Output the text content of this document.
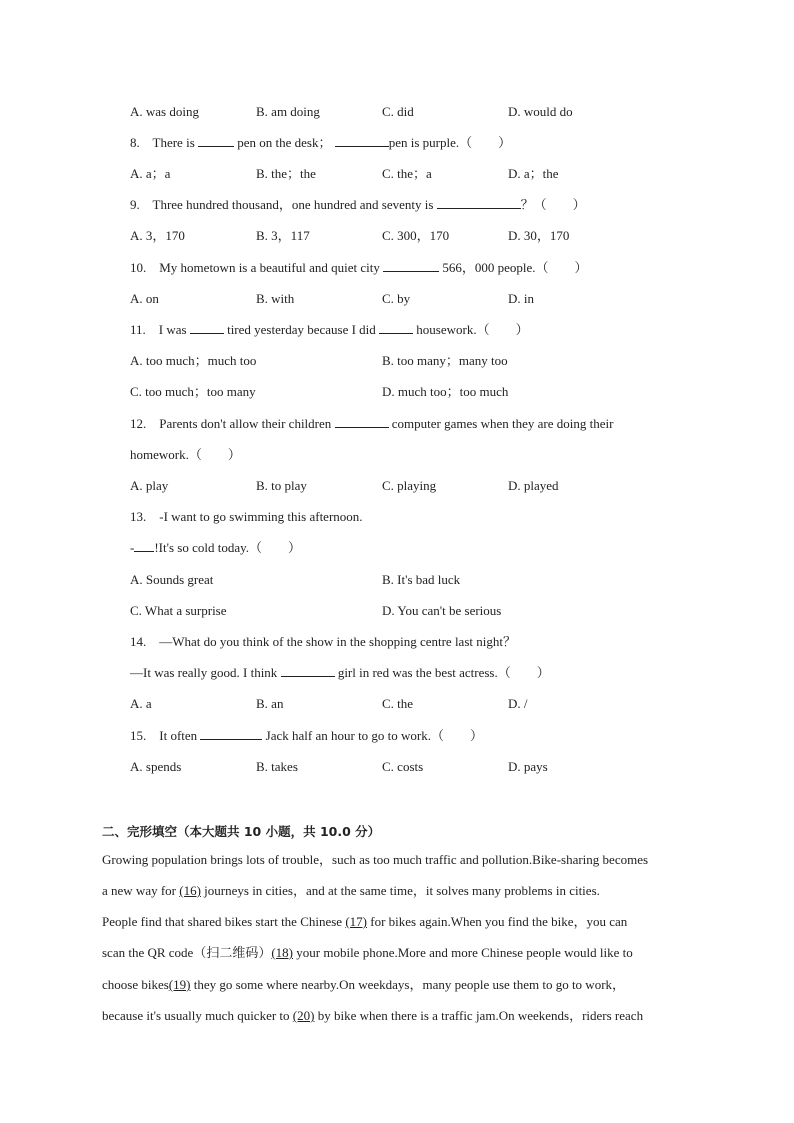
A. was doing	B. am doing	C. did	D. would do
8. There is	pen on the desk；	pen is purple.（　　）
A. a；a	B. the；the	C. the；a	D. a；the
9. Three hundred thousand，one hundred and seventy is	？（　　）
A. 3，170	B. 3，117	C. 300，170	D. 30，170
10. My hometown is a beautiful and quiet city	566，000 people.（　　）
A. on	B. with	C. by	D. in
11. I was	tired yesterday because I did	housework.（　　）
A. too much；much too	B. too many；many too
C. too much；too many	D. much too；too much
12. Parents don't allow their children	computer games when they are doing their
homework.（　　）
A. play	B. to play	C. playing	D. played
13. -I want to go swimming this afternoon.
- !It's so cold today.（　　）
A. Sounds great	B. It's bad luck
C. What a surprise	D. You can't be serious
14. —What do you think of the show in the shopping centre last night？
—It was really good. I think	girl in red was the best actress.（　　）
A. a	B. an	C. the	D. /
15. It often	Jack half an hour to go to work.（　　）
A. spends	B. takes	C. costs	D. pays
二、完形填空（本大题共 10 小题，共 10.0 分）
Growing population brings lots of trouble，such as too much traffic and pollution.Bike-sharing becomes
a new way for (16) journeys in cities，and at the same time，it solves many problems in cities.
People find that shared bikes start the Chinese (17) for bikes again.When you find the bike，you can
scan the QR code（扫二维码）(18) your mobile phone.More and more Chinese people would like to
choose bikes(19) they go some where nearby.On weekdays，many people use them to go to work，
because it's usually much quicker to (20) by bike when there is a traffic jam.On weekends，riders reach
